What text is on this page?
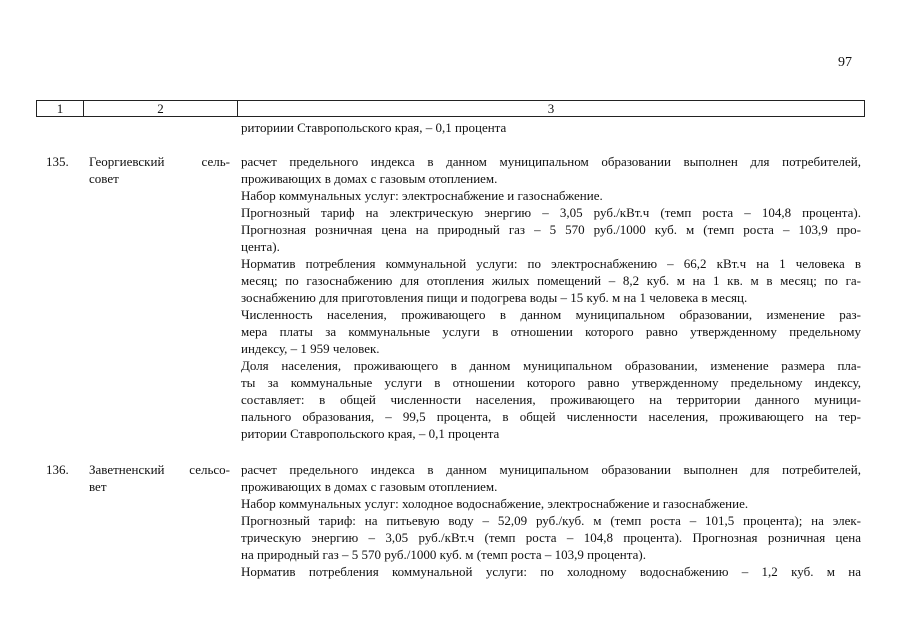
97
1	2	3
риториии Ставропольского края, – 0,1 процента
135. Георгиевский сель-
совет
расчет предельного индекса в данном муниципальном образовании выполнен для потребителей,
проживающих в домах с газовым отоплением.
Набор коммунальных услуг: электроснабжение и газоснабжение.
Прогнозный тариф на электрическую энергию – 3,05 руб./кВт.ч (темп роста – 104,8 процента).
Прогнозная розничная цена на природный газ – 5 570 руб./1000 куб. м (темп роста – 103,9 про-
цента).
Норматив потребления коммунальной услуги: по электроснабжению – 66,2 кВт.ч на 1 человека в
месяц; по газоснабжению для отопления жилых помещений – 8,2 куб. м на 1 кв. м в месяц; по га-
зоснабжению для приготовления пищи и подогрева воды – 15 куб. м на 1 человека в месяц.
Численность населения, проживающего в данном муниципальном образовании, изменение раз-
мера платы за коммунальные услуги в отношении которого равно утвержденному предельному
индексу, – 1 959 человек.
Доля населения, проживающего в данном муниципальном образовании, изменение размера пла-
ты за коммунальные услуги в отношении которого равно утвержденному предельному индексу,
составляет: в общей численности населения, проживающего на территории данного муници-
пального образования, – 99,5 процента, в общей численности населения, проживающего на тер-
ритории Ставропольского края, – 0,1 процента
136. Заветненский сельсо-
вет
расчет предельного индекса в данном муниципальном образовании выполнен для потребителей,
проживающих в домах с газовым отоплением.
Набор коммунальных услуг: холодное водоснабжение, электроснабжение и газоснабжение.
Прогнозный тариф: на питьевую воду – 52,09 руб./куб. м (темп роста – 101,5 процента); на элек-
трическую энергию – 3,05 руб./кВт.ч (темп роста – 104,8 процента). Прогнозная розничная цена
на природный газ – 5 570 руб./1000 куб. м (темп роста – 103,9 процента).
Норматив потребления коммунальной услуги: по холодному водоснабжению – 1,2 куб. м на
